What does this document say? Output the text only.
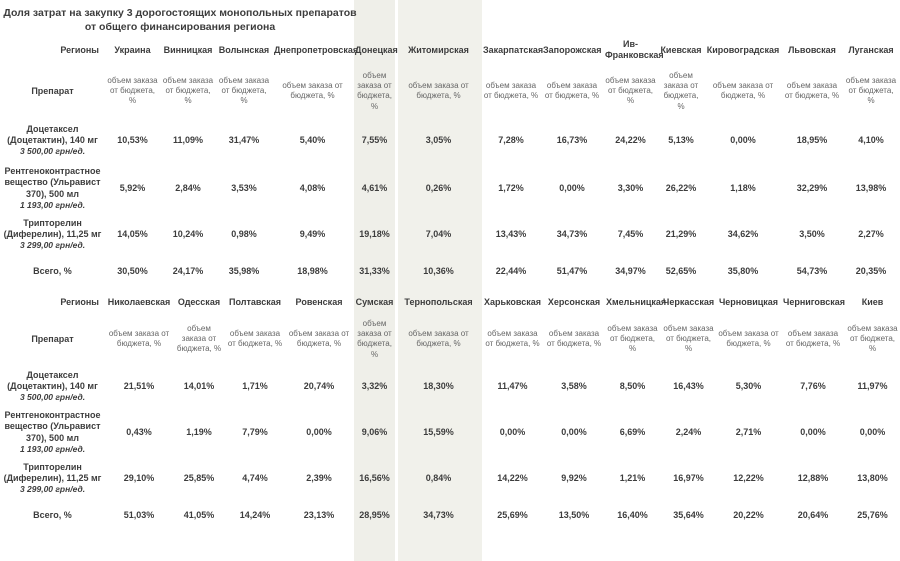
Доля затрат на закупку 3 дорогостоящих монопольных препаратов от общего финансирования региона
Регионы	Украина	Винницкая	Волынская	Днепропетровская	Донецкая	Житомирская	Закарпатская	Запорожская	Ив-Франковская	Киевская	Кировоградская	Львовская	Луганская
Препарат	объем заказа от бюджета, %	объем заказа от бюджета, %	объем заказа от бюджета, %	объем заказа от бюджета, %	объем заказа от бюджета, %	объем заказа от бюджета, %	объем заказа от бюджета, %	объем заказа от бюджета, %	объем заказа от бюджета, %	объем заказа от бюджета, %	объем заказа от бюджета, %	объем заказа от бюджета, %	объем заказа от бюджета, %

Доцетаксел
(Доцетактин), 140 мг
3 500,00 грн/ед.	10,53%	11,09%	31,47%	5,40%	7,55%	3,05%	7,28%	16,73%	24,22%	5,13%	0,00%	18,95%	4,10%

Рентгеноконтрастное
вещество (Ульравист
370), 500 мл
1 193,00 грн/ед.	5,92%	2,84%	3,53%	4,08%	4,61%	0,26%	1,72%	0,00%	3,30%	26,22%	1,18%	32,29%	13,98%

Трипторелин
(Диферелин), 11,25 мг
3 299,00 грн/ед.	14,05%	10,24%	0,98%	9,49%	19,18%	7,04%	13,43%	34,73%	7,45%	21,29%	34,62%	3,50%	2,27%
Всего, %	30,50%	24,17%	35,98%	18,98%	31,33%	10,36%	22,44%	51,47%	34,97%	52,65%	35,80%	54,73%	20,35%
Регионы	Николаевская	Одесская	Полтавская	Ровенская	Сумская	Тернопольская	Харьковская	Херсонская	Хмельницкая	Черкасская	Черновицкая	Черниговская	Киев
Препарат	объем заказа от бюджета, %	объем заказа от бюджета, %	объем заказа от бюджета, %	объем заказа от бюджета, %	объем заказа от бюджета, %	объем заказа от бюджета, %	объем заказа от бюджета, %	объем заказа от бюджета, %	объем заказа от бюджета, %	объем заказа от бюджета, %	объем заказа от бюджета, %	объем заказа от бюджета, %	объем заказа от бюджета, %

Доцетаксел
(Доцетактин), 140 мг
3 500,00 грн/ед.	21,51%	14,01%	1,71%	20,74%	3,32%	18,30%	11,47%	3,58%	8,50%	16,43%	5,30%	7,76%	11,97%

Рентгеноконтрастное
вещество (Ульравист
370), 500 мл
1 193,00 грн/ед.	0,43%	1,19%	7,79%	0,00%	9,06%	15,59%	0,00%	0,00%	6,69%	2,24%	2,71%	0,00%	0,00%

Трипторелин
(Диферелин), 11,25 мг
3 299,00 грн/ед.	29,10%	25,85%	4,74%	2,39%	16,56%	0,84%	14,22%	9,92%	1,21%	16,97%	12,22%	12,88%	13,80%
Всего, %	51,03%	41,05%	14,24%	23,13%	28,95%	34,73%	25,69%	13,50%	16,40%	35,64%	20,22%	20,64%	25,76%
